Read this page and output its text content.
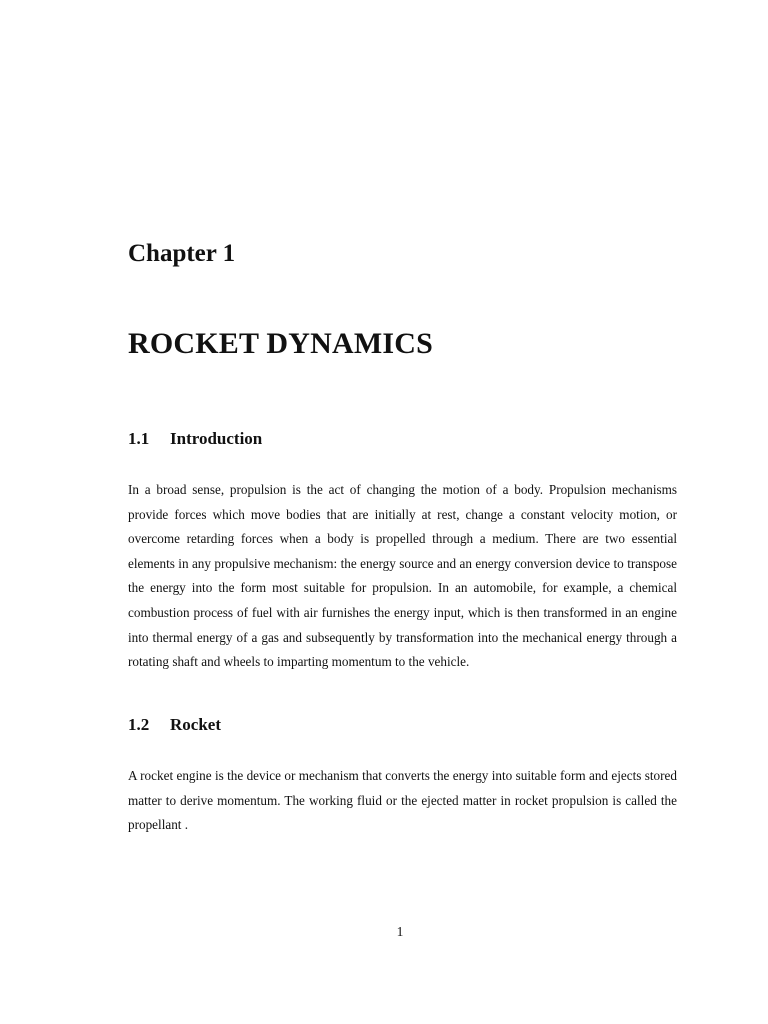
Chapter 1
ROCKET DYNAMICS
1.1 Introduction

In a broad sense, propulsion is the act of changing the motion of a body. Propulsion mechanisms provide forces which move bodies that are initially at rest, change a constant velocity motion, or overcome retarding forces when a body is propelled through a medium. There are two essential elements in any propulsive mechanism: the energy source and an energy conversion device to transpose the energy into the form most suitable for propulsion. In an automobile, for example, a chemical combustion process of fuel with air furnishes the energy input, which is then transformed in an engine into thermal energy of a gas and subsequently by transformation into the mechanical energy through a rotating shaft and wheels to imparting momentum to the vehicle.

1.2 Rocket

A rocket engine is the device or mechanism that converts the energy into suitable form and ejects stored matter to derive momentum. The working fluid or the ejected matter in rocket propulsion is called the propellant .

1
